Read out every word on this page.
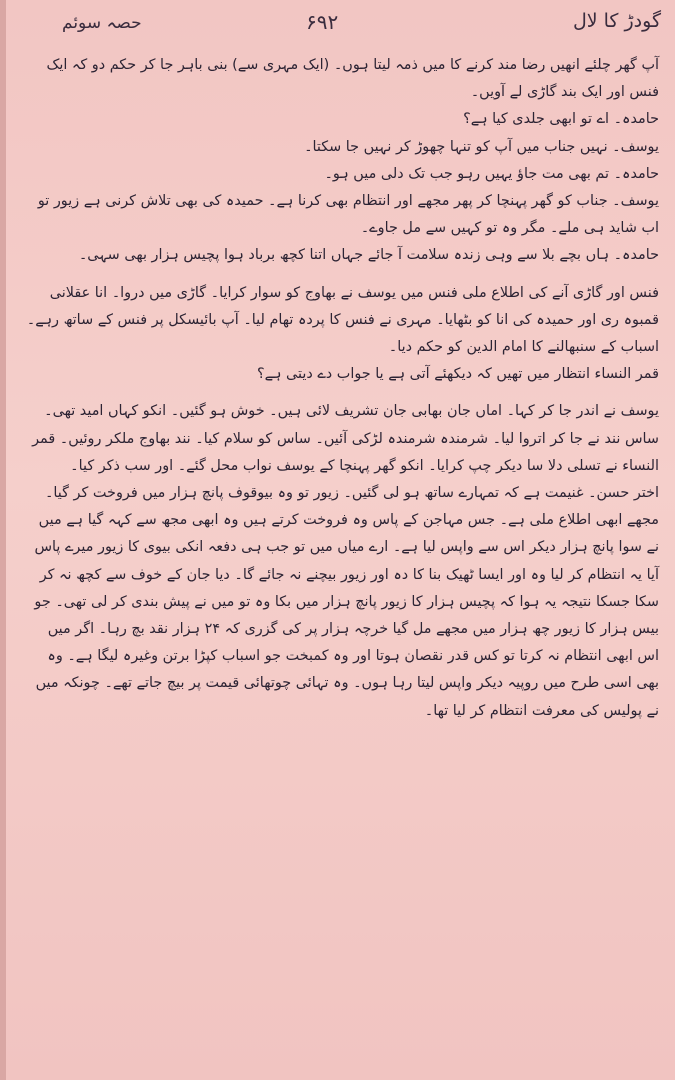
حصہ سوئم	۶۹۲	گودڑ کا لال

آپ گھر چلئے انھیں رضا مند کرنے کا میں ذمہ لیتا ہوں۔ (ایک مہری سے) بنی باہر جا کر حکم دو کہ ایک فنس اور ایک بند گاڑی لے آویں۔

حامدہ۔ اے تو ابھی جلدی کیا ہے؟

یوسف۔ نہیں جناب میں آپ کو تنہا چھوڑ کر نہیں جا سکتا۔

حامدہ۔ تم بھی مت جاؤ یہیں رہو جب تک دلی میں ہو۔

یوسف۔ جناب کو گھر پہنچا کر پھر مجھے اور انتظام بھی کرنا ہے۔ حمیدہ کی بھی تلاش کرنی ہے زیور تو اب شاید ہی ملے۔ مگر وہ تو کہیں سے مل جاوے۔

حامدہ۔ ہاں بچے بلا سے وہی زندہ سلامت آ جائے جہاں اتنا کچھ برباد ہوا پچیس ہزار بھی سہی۔

فنس اور گاڑی آنے کی اطلاع ملی فنس میں یوسف نے بھاوج کو سوار کرایا۔ گاڑی میں دروا۔ انا عقلانی قمبوہ ری اور حمیدہ کی انا کو بٹھایا۔ مہری نے فنس کا پردہ تھام لیا۔ آپ بائیسکل پر فنس کے ساتھ رہے۔ اسباب کے سنبھالنے کا امام الدین کو حکم دیا۔

قمر النساء انتظار میں تھیں کہ دیکھئے آتی ہے یا جواب دے دیتی ہے؟

یوسف نے اندر جا کر کہا۔ اماں جان بھابی جان تشریف لائی ہیں۔ خوش ہو گئیں۔ انکو کہاں امید تھی۔ ساس نند نے جا کر اتروا لیا۔ شرمندہ شرمندہ لڑکی آئیں۔ ساس کو سلام کیا۔ نند بھاوج ملکر روئیں۔ قمر النساء نے تسلی دلا سا دیکر چپ کرایا۔ انکو گھر پہنچا کے یوسف نواب محل گئے۔ اور سب ذکر کیا۔

اختر حسن۔ غنیمت ہے کہ تمہارے ساتھ ہو لی گئیں۔ زیور تو وہ بیوقوف پانچ ہزار میں فروخت کر گیا۔ مجھے ابھی اطلاع ملی ہے۔ جس مہاجن کے پاس وہ فروخت کرتے ہیں وہ ابھی مجھ سے کہہ گیا ہے میں نے سوا پانچ ہزار دیکر اس سے واپس لیا ہے۔ ارے میاں میں تو جب ہی دفعہ انکی بیوی کا زیور میرے پاس آیا یہ انتظام کر لیا وہ اور ایسا ٹھیک بنا کا دہ اور زیور بیچنے نہ جائے گا۔ دیا جان کے خوف سے کچھ نہ کر سکا جسکا نتیجہ یہ ہوا کہ پچیس ہزار کا زیور پانچ ہزار میں بکا وہ تو میں نے پیش بندی کر لی تھی۔ جو بیس ہزار کا زیور چھ ہزار میں مجھے مل گیا خرچہ ہزار پر کی گزری کہ ۲۴ ہزار نقد بچ رہا۔ اگر میں اس ابھی انتظام نہ کرتا تو کس قدر نقصان ہوتا اور وہ کمبخت جو اسباب کپڑا برتن وغیرہ لیگا ہے۔ وہ بھی اسی طرح میں روپیہ دیکر واپس لیتا رہا ہوں۔ وہ تہائی چوتھائی قیمت پر بیچ جاتے تھے۔ چونکہ میں نے پولیس کی معرفت انتظام کر لیا تھا۔
